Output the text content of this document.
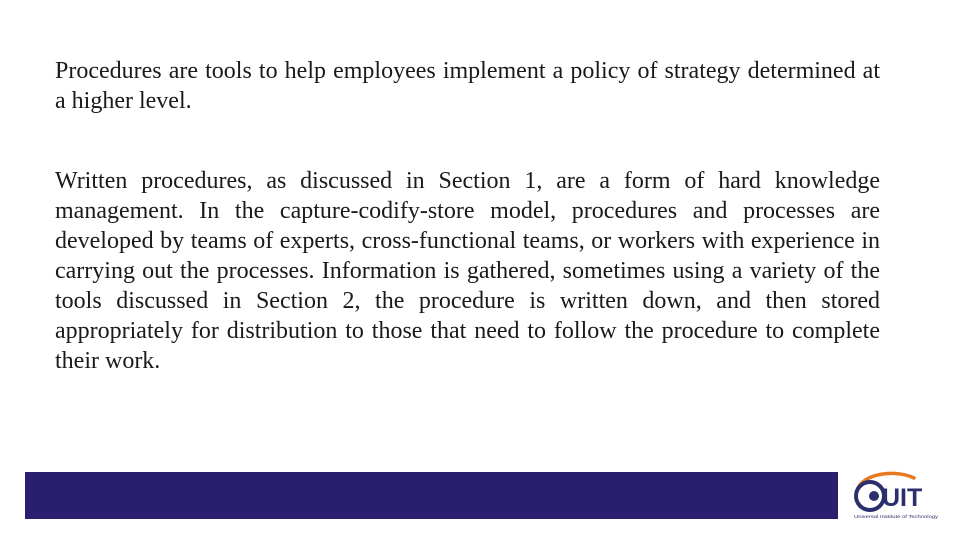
Procedures are tools to help employees implement a policy of strategy determined at a higher level.

Written procedures, as discussed in Section 1, are a form of hard knowledge management. In the capture-codify-store model, procedures and processes are developed by teams of experts, cross-functional teams, or workers with experience in carrying out the processes. Information is gathered, sometimes using a variety of the tools discussed in Section 2, the procedure is written down, and then stored appropriately for distribution to those that need to follow the procedure to complete their work.

UIT
Universal Institute of Technology
